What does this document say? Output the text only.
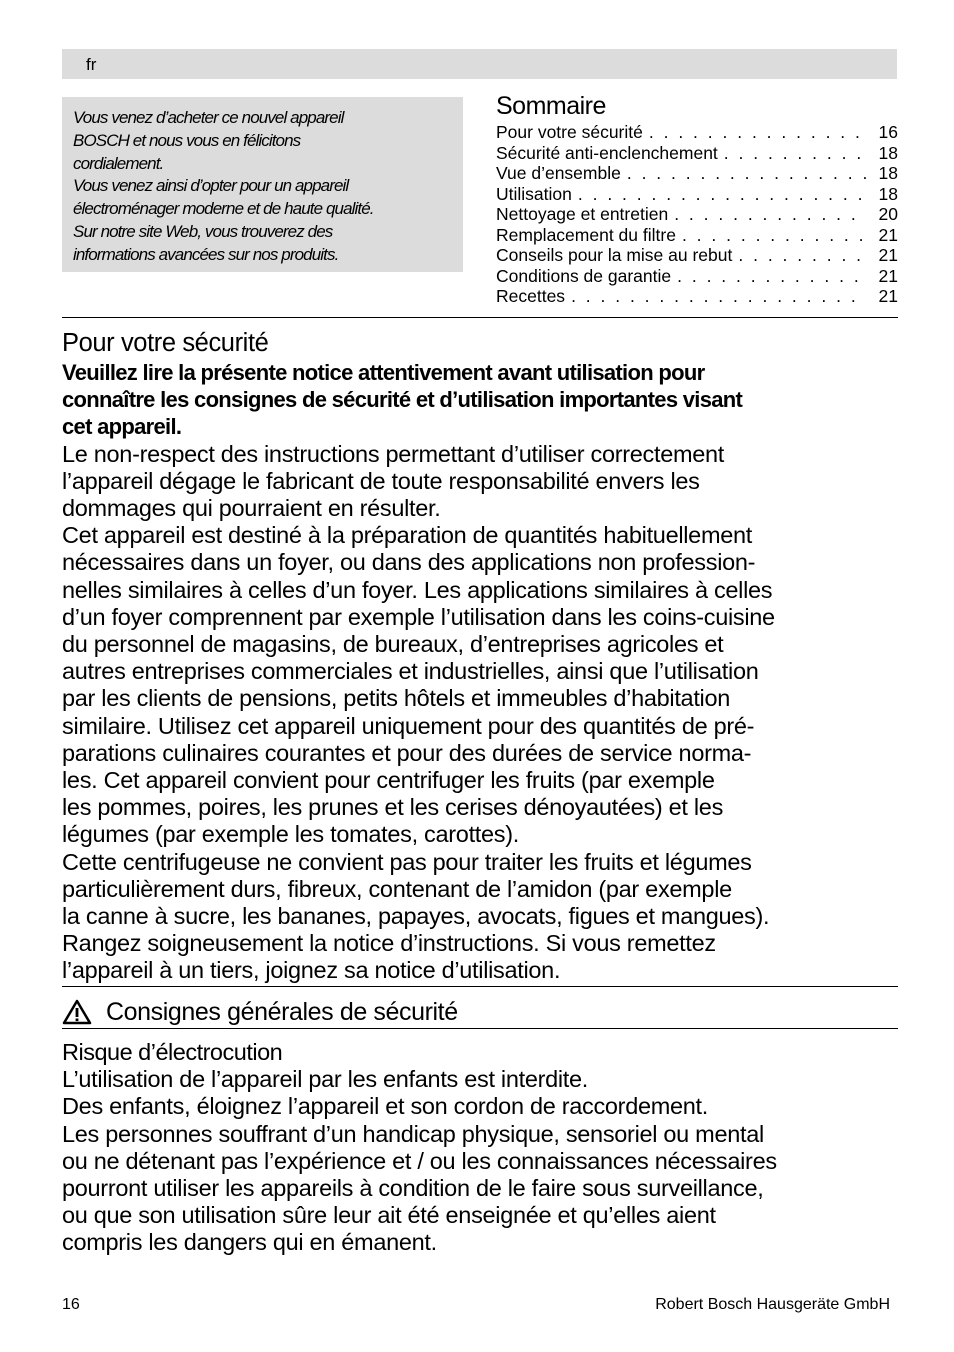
fr

Vous venez d’acheter ce nouvel appareil

BOSCH et nous vous en félicitons

cordialement.

Vous venez ainsi d’opter pour un appareil

électroménager moderne et de haute qualité.

Sur notre site Web, vous trouverez des

informations avancées sur nos produits.

Sommaire
Pour votre sécurité . . .	16
Sécurité anti-enclenchement . . .	18
Vue d’ensemble . . .	18
Utilisation . . .	18
Nettoyage et entretien . . .	20
Remplacement du filtre . . .	21
Conseils pour la mise au rebut . . .	21
Conditions de garantie . . .	21
Recettes . . .	21
Pour votre sécurité

Veuillez lire la présente notice attentivement avant utilisation pour

connaître les consignes de sécurité et d’utilisation importantes visant

cet appareil.

Le non-respect des instructions permettant d’utiliser correctement

l’appareil dégage le fabricant de toute responsabilité envers les

dommages qui pourraient en résulter.

Cet appareil est destiné à la préparation de quantités habituellement

nécessaires dans un foyer, ou dans des applications non profession-

nelles similaires à celles d’un foyer. Les applications similaires à celles

d’un foyer comprennent par exemple l’utilisation dans les coins-cuisine

du personnel de magasins, de bureaux, d’entreprises agricoles et

autres entreprises commerciales et industrielles, ainsi que l’utilisation

par les clients de pensions, petits hôtels et immeubles d’habitation

similaire. Utilisez cet appareil uniquement pour des quantités de pré-

parations culinaires courantes et pour des durées de service norma-

les. Cet appareil convient pour centrifuger les fruits (par exemple

les pommes, poires, les prunes et les cerises dénoyautées) et les

légumes (par exemple les tomates, carottes).

Cette centrifugeuse ne convient pas pour traiter les fruits et légumes

particulièrement durs, fibreux, contenant de l’amidon (par exemple

la canne à sucre, les bananes, papayes, avocats, figues et mangues).

Rangez soigneusement la notice d’instructions. Si vous remettez

l’appareil à un tiers, joignez sa notice d’utilisation.

Consignes générales de sécurité
Risque d’électrocution

L’utilisation de l’appareil par les enfants est interdite.

Des enfants, éloignez l’appareil et son cordon de raccordement.

Les personnes souffrant d’un handicap physique, sensoriel ou mental

ou ne détenant pas l’expérience et / ou les connaissances nécessaires

pourront utiliser les appareils à condition de le faire sous surveillance,

ou que son utilisation sûre leur ait été enseignée et qu’elles aient

compris les dangers qui en émanent.

16	Robert Bosch Hausgeräte GmbH
